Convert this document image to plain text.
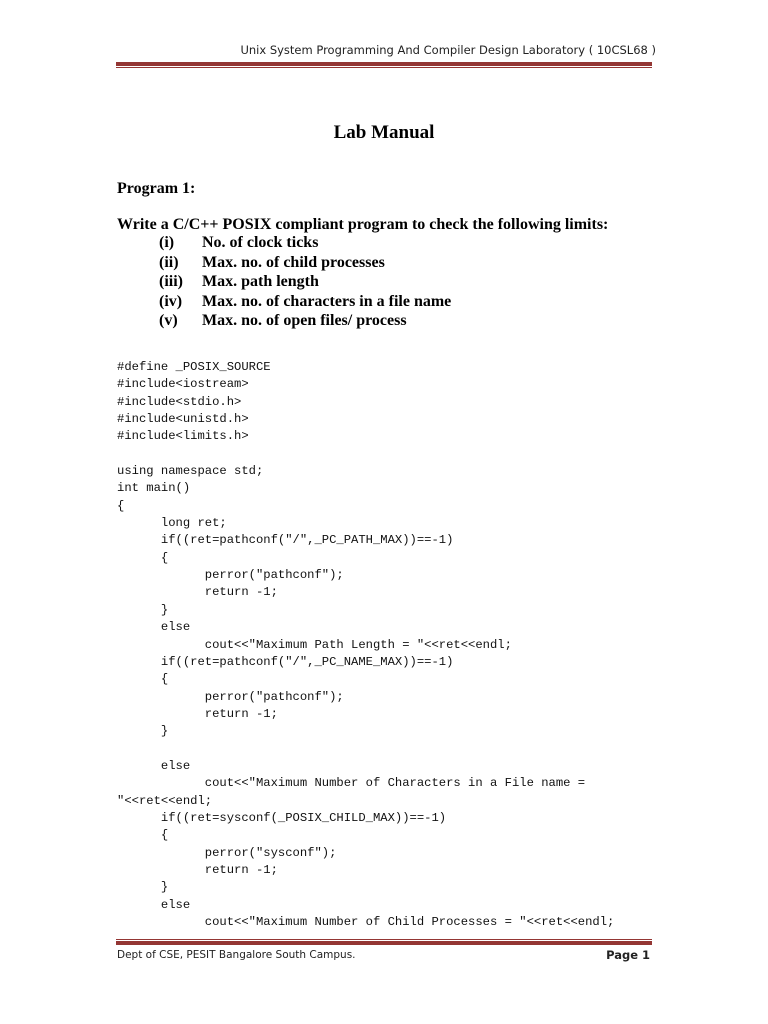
Unix System Programming And Compiler Design Laboratory ( 10CSL68 )
Lab Manual
Program 1:
Write a C/C++ POSIX compliant program to check the following limits:
(i) No. of clock ticks
(ii) Max. no. of child processes
(iii) Max. path length
(iv) Max. no. of characters in a file name
(v) Max. no. of open files/ process
#define _POSIX_SOURCE
#include<iostream>
#include<stdio.h>
#include<unistd.h>
#include<limits.h>

using namespace std;
int main()
{
long ret;
if((ret=pathconf("/",_PC_PATH_MAX))==-1)
{
perror("pathconf");
return -1;
}
else
cout<<"Maximum Path Length = "<<ret<<endl;
if((ret=pathconf("/",_PC_NAME_MAX))==-1)
{
perror("pathconf");
return -1;
}

else
cout<<"Maximum Number of Characters in a File name =
"<<ret<<endl;
if((ret=sysconf(_POSIX_CHILD_MAX))==-1)
{
perror("sysconf");
return -1;
}
else
cout<<"Maximum Number of Child Processes = "<<ret<<endl;
Dept of CSE, PESIT Bangalore South Campus.	Page 1
